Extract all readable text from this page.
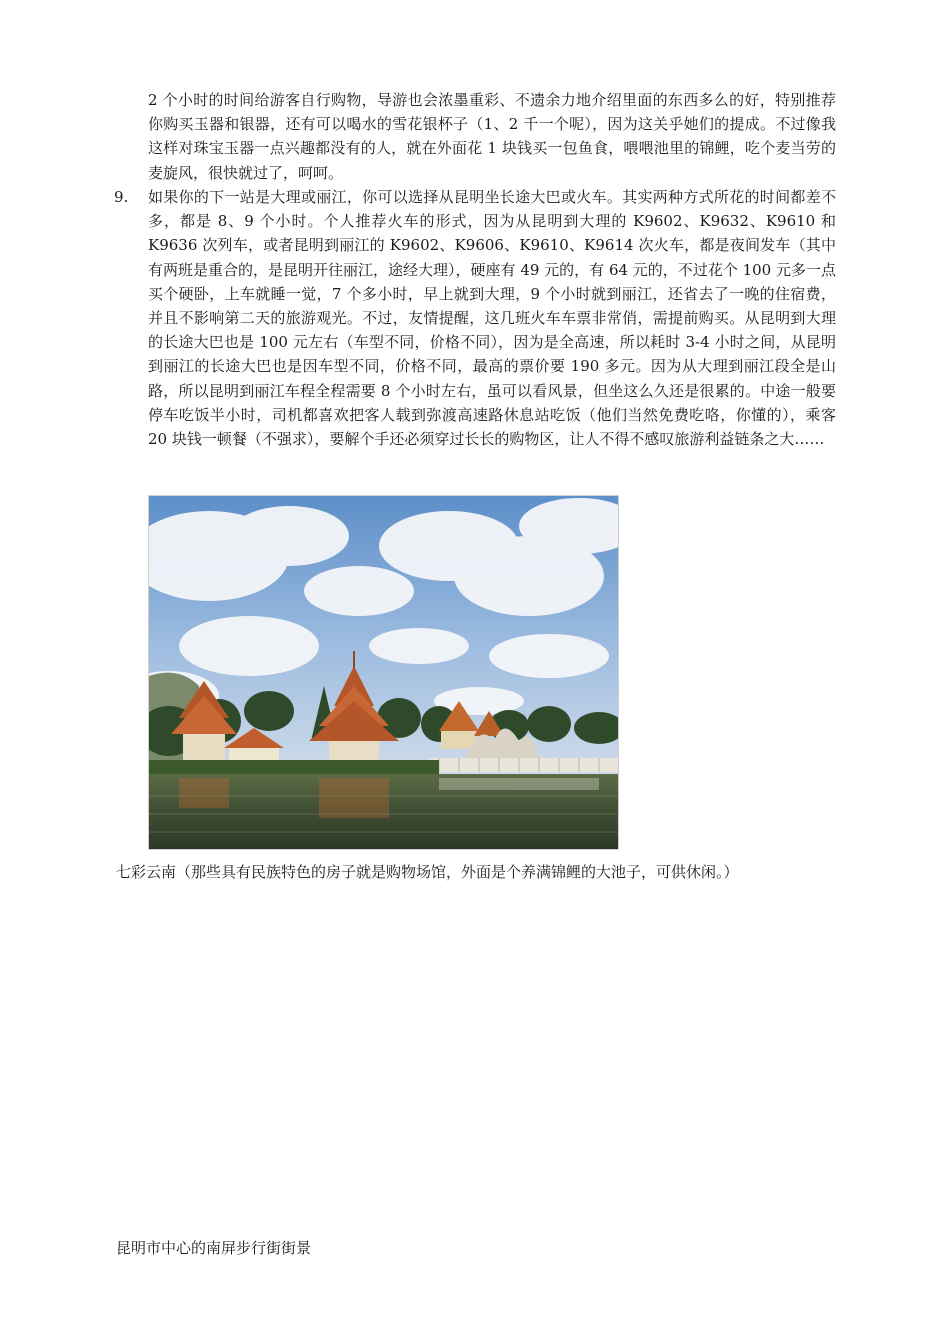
2 个小时的时间给游客自行购物，导游也会浓墨重彩、不遗余力地介绍里面的东西多么的好，特别推荐你购买玉器和银器，还有可以喝水的雪花银杯子（1、2 千一个呢），因为这关乎她们的提成。不过像我这样对珠宝玉器一点兴趣都没有的人，就在外面花 1 块钱买一包鱼食，喂喂池里的锦鲤，吃个麦当劳的麦旋风，很快就过了，呵呵。
9. 如果你的下一站是大理或丽江，你可以选择从昆明坐长途大巴或火车。其实两种方式所花的时间都差不多，都是 8、9 个小时。个人推荐火车的形式，因为从昆明到大理的 K9602、K9632、K9610 和 K9636 次列车，或者昆明到丽江的 K9602、K9606、K9610、K9614 次火车，都是夜间发车（其中有两班是重合的，是昆明开往丽江，途经大理），硬座有 49 元的，有 64 元的，不过花个 100 元多一点买个硬卧，上车就睡一觉，7 个多小时，早上就到大理，9 个小时就到丽江，还省去了一晚的住宿费，并且不影响第二天的旅游观光。不过，友情提醒，这几班火车车票非常俏，需提前购买。从昆明到大理的长途大巴也是 100 元左右（车型不同，价格不同），因为是全高速，所以耗时 3-4 小时之间，从昆明到丽江的长途大巴也是因车型不同，价格不同，最高的票价要 190 多元。因为从大理到丽江段全是山路，所以昆明到丽江车程全程需要 8 个小时左右，虽可以看风景，但坐这么久还是很累的。中途一般要停车吃饭半小时，司机都喜欢把客人载到弥渡高速路休息站吃饭（他们当然免费吃咯，你懂的），乘客 20 块钱一顿餐（不强求），要解个手还必须穿过长长的购物区，让人不得不感叹旅游利益链条之大……
七彩云南（那些具有民族特色的房子就是购物场馆，外面是个养满锦鲤的大池子，可供休闲。）
昆明市中心的南屏步行街街景
